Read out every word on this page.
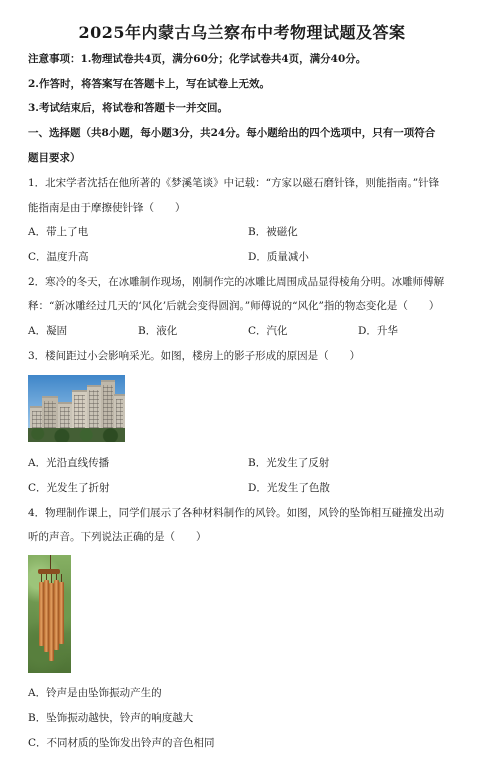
2025年内蒙古乌兰察布中考物理试题及答案
注意事项：1.物理试卷共4页，满分60分；化学试卷共4页，满分40分。
2.作答时，将答案写在答题卡上，写在试卷上无效。
3.考试结束后，将试卷和答题卡一并交回。
一、选择题（共8小题，每小题3分，共24分。每小题给出的四个选项中，只有一项符合
题目要求）
1．北宋学者沈括在他所著的《梦溪笔谈》中记载：“方家以磁石磨针锋，则能指南。”针锋
能指南是由于摩擦使针锋（　　）
A．带上了电	B．被磁化
C．温度升高	D．质量减小
2．寒冷的冬天，在冰雕制作现场，刚制作完的冰雕比周围成品显得棱角分明。冰雕师傅解
释：“新冰雕经过几天的‘风化’后就会变得圆润。”师傅说的“风化”指的物态变化是（　　）
A．凝固	B．液化	C．汽化	D．升华
3．楼间距过小会影响采光。如图，楼房上的影子形成的原因是（　　）
A．光沿直线传播	B．光发生了反射
C．光发生了折射	D．光发生了色散
4．物理制作课上，同学们展示了各种材料制作的风铃。如图，风铃的坠饰相互碰撞发出动
听的声音。下列说法正确的是（　　）
A．铃声是由坠饰振动产生的
B．坠饰振动越快，铃声的响度越大
C．不同材质的坠饰发出铃声的音色相同
